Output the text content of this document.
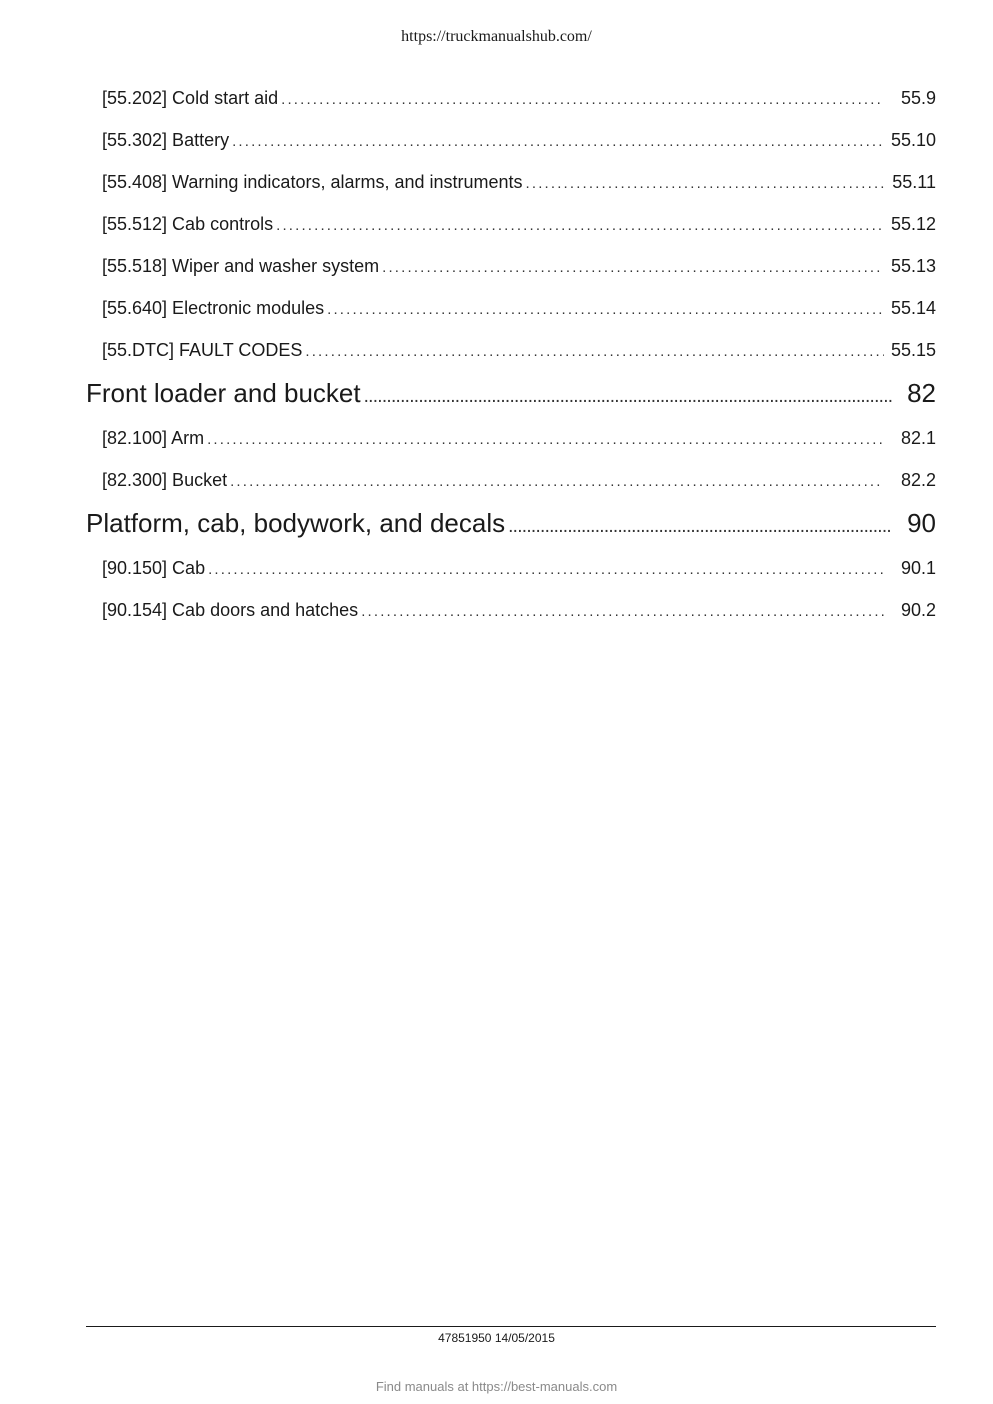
https://truckmanualshub.com/
[55.202] Cold start aid . . .	55.9
[55.302] Battery . . .	55.10
[55.408] Warning indicators, alarms, and instruments . . .	55.11
[55.512] Cab controls . . .	55.12
[55.518] Wiper and washer system . . .	55.13
[55.640] Electronic modules . . .	55.14
[55.DTC] FAULT CODES . . .	55.15
Front loader and bucket . . .	82
[82.100] Arm . . .	82.1
[82.300] Bucket . . .	82.2
Platform, cab, bodywork, and decals . . .	90
[90.150] Cab . . .	90.1
[90.154] Cab doors and hatches . . .	90.2
47851950 14/05/2015
Find manuals at https://best-manuals.com
